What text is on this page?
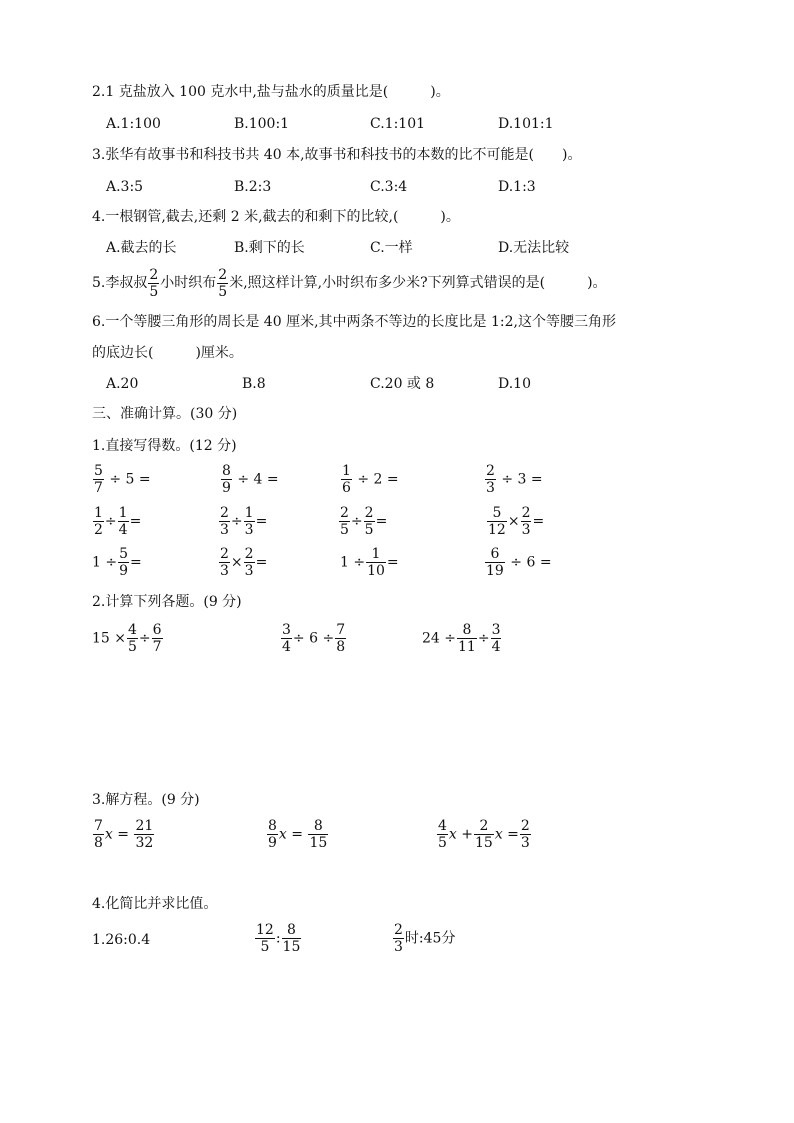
2.1 克盐放入 100 克水中,盐与盐水的质量比是(　　　)。
A.1:100	B.100:1	C.1:101	D.101:1
3.张华有故事书和科技书共 40 本,故事书和科技书的本数的比不可能是(　　)。
A.3:5	B.2:3	C.3:4	D.1:3
4.一根钢管,截去,还剩 2 米,截去的和剩下的比较,(　　　)。
A.截去的长	B.剩下的长	C.一样	D.无法比较
5.李叔叔 $\frac{2}{5}$ 小时织布 $\frac{2}{5}$ 米,照这样计算,小时织布多少米?下列算式错误的是(　　　)。
6.一个等腰三角形的周长是 40 厘米,其中两条不等边的长度比是 1:2,这个等腰三角形
的底边长(　　　)厘米。
A.20	B.8	C.20 或 8	D.10
三、准确计算。(30 分)
1.直接写得数。(12 分)
$\frac{5}{7} \div 5$ =	$\frac{8}{9} \div 4$ =	$\frac{1}{6} \div 2$ =	$\frac{2}{3} \div 3$ =
$\frac{1}{2} \div \frac{1}{4}$ =	$\frac{2}{3} \div \frac{1}{3}$ =	$\frac{2}{5} \div \frac{2}{5}$ =	$\frac{5}{12} \times \frac{2}{3}$ =
$1 \div \frac{5}{9}$ =	$\frac{2}{3} \times \frac{2}{3}$ =	$1 \div \frac{1}{10}$ =	$\frac{6}{19} \div 6$ =
2.计算下列各题。(9 分)
$15 \times \frac{4}{5} \div \frac{6}{7}$	$\frac{3}{4} \div 6 \div \frac{7}{8}$	$24 \div \frac{8}{11} \div \frac{3}{4}$
3.解方程。(9 分)
$\frac{7}{8}$ $x = \frac{21}{32}$	$\frac{8}{9}$ $x = \frac{8}{15}$	$\frac{4}{5}$ $x + \frac{2}{15}$ $x = \frac{2}{3}$
4.化简比并求比值。
1.26:0.4	$\frac{12}{5}$ : $\frac{8}{15}$	$\frac{2}{3}$ 时:45分
